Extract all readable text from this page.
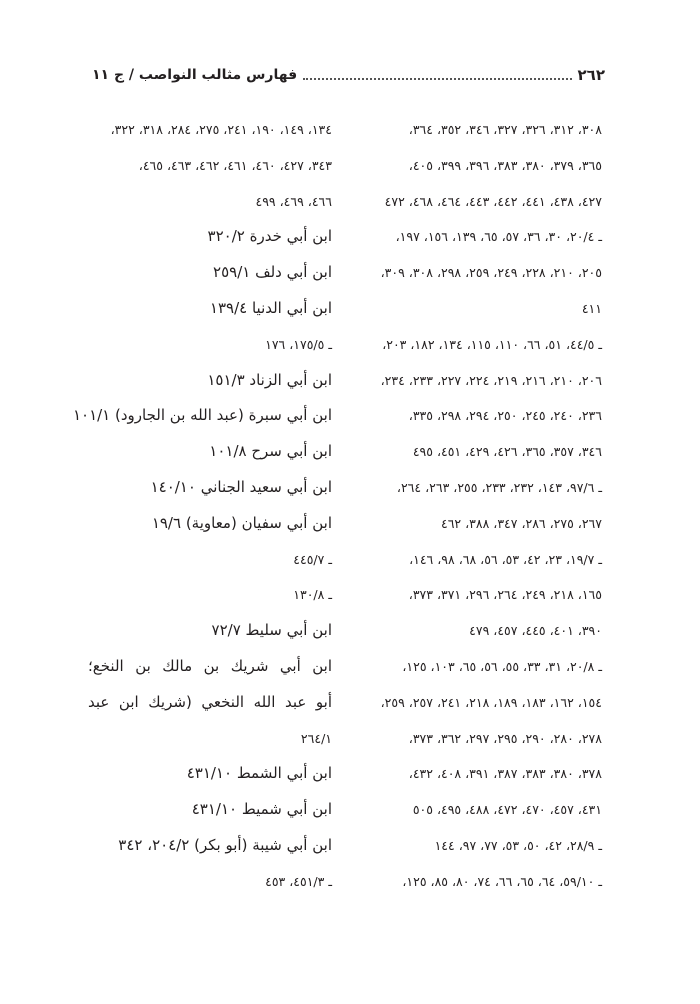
٢٦٢
فهارس مثالب النواصب / ج ١١
٣٠٨، ٣١٢، ٣٢٦، ٣٢٧، ٣٤٦، ٣٥٢، ٣٦٤،
٣٦٥، ٣٧٩، ٣٨٠، ٣٨٣، ٣٩٦، ٣٩٩، ٤٠٥،
٤٢٧، ٤٣٨، ٤٤١، ٤٤٢، ٤٤٣، ٤٦٤، ٤٦٨، ٤٧٢
ـ ٢٠/٤، ٣٠، ٣٦، ٥٧، ٦٥، ١٣٩، ١٥٦، ١٩٧،
٢٠٥، ٢١٠، ٢٢٨، ٢٤٩، ٢٥٩، ٢٩٨، ٣٠٨، ٣٠٩،
٤١١
ـ ٤٤/٥، ٥١، ٦٦، ١١٠، ١١٥، ١٣٤، ١٨٢، ٢٠٣،
٢٠٦، ٢١٠، ٢١٦، ٢١٩، ٢٢٤، ٢٢٧، ٢٣٣، ٢٣٤،
٢٣٦، ٢٤٠، ٢٤٥، ٢٥٠، ٢٩٤، ٢٩٨، ٣٣٥،
٣٤٦، ٣٥٧، ٣٦٥، ٤٢٦، ٤٢٩، ٤٥١، ٤٩٥
ـ ٩٧/٦، ١٤٣، ٢٣٢، ٢٣٣، ٢٥٥، ٢٦٣، ٢٦٤،
٢٦٧، ٢٧٥، ٢٨٦، ٣٤٧، ٣٨٨، ٤٦٢
ـ ١٩/٧، ٢٣، ٤٢، ٥٣، ٥٦، ٦٨، ٩٨، ١٤٦،
١٦٥، ٢١٨، ٢٤٩، ٢٦٤، ٢٩٦، ٣٧١، ٣٧٣،
٣٩٠، ٤٠١، ٤٤٥، ٤٥٧، ٤٧٩
ـ ٢٠/٨، ٣١، ٣٣، ٥٥، ٥٦، ٦٥، ١٠٣، ١٢٥،
١٥٤، ١٦٢، ١٨٣، ١٨٩، ٢١٨، ٢٤١، ٢٥٧، ٢٥٩،
٢٧٨، ٢٨٠، ٢٩٠، ٢٩٥، ٢٩٧، ٣٦٢، ٣٧٣،
٣٧٨، ٣٨٠، ٣٨٣، ٣٨٧، ٣٩١، ٤٠٨، ٤٣٢،
٤٣١، ٤٥٧، ٤٧٠، ٤٧٢، ٤٨٨، ٤٩٥، ٥٠٥
ـ ٢٨/٩، ٤٢، ٥٠، ٥٣، ٧٧، ٩٧، ١٤٤
ـ ٥٩/١٠، ٦٤، ٦٥، ٦٦، ٧٤، ٨٠، ٨٥، ١٢٥،
١٣٤، ١٤٩، ١٩٠، ٢٤١، ٢٧٥، ٢٨٤، ٣١٨، ٣٢٢،
٣٤٣، ٤٢٧، ٤٦٠، ٤٦١، ٤٦٢، ٤٦٣، ٤٦٥،
٤٦٦، ٤٦٩، ٤٩٩
ابن أبي خدرة ٣٢٠/٢
ابن أبي دلف ٢٥٩/١
ابن أبي الدنيا ١٣٩/٤
ـ ١٧٥/٥، ١٧٦
ابن أبي الزناد ١٥١/٣
ابن أبي سبرة (عبد الله بن الجارود) ١٠١/١
ابن أبي سرح ١٠١/٨
ابن أبي سعيد الجناني ١٤٠/١٠
ابن أبي سفيان (معاوية) ١٩/٦
ـ ٤٤٥/٧
ـ ١٣٠/٨
ابن أبي سليط ٧٢/٧
ابن أبي شريك بن مالك بن النخع؛
أبو عبد الله النخعي (شريك ابن عبد
٢٦٤/١
ابن أبي الشمط ٤٣١/١٠
ابن أبي شميط ٤٣١/١٠
ابن أبي شيبة (أبو بكر) ٢٠٤/٢، ٣٤٢
ـ ٤٥١/٣، ٤٥٣
